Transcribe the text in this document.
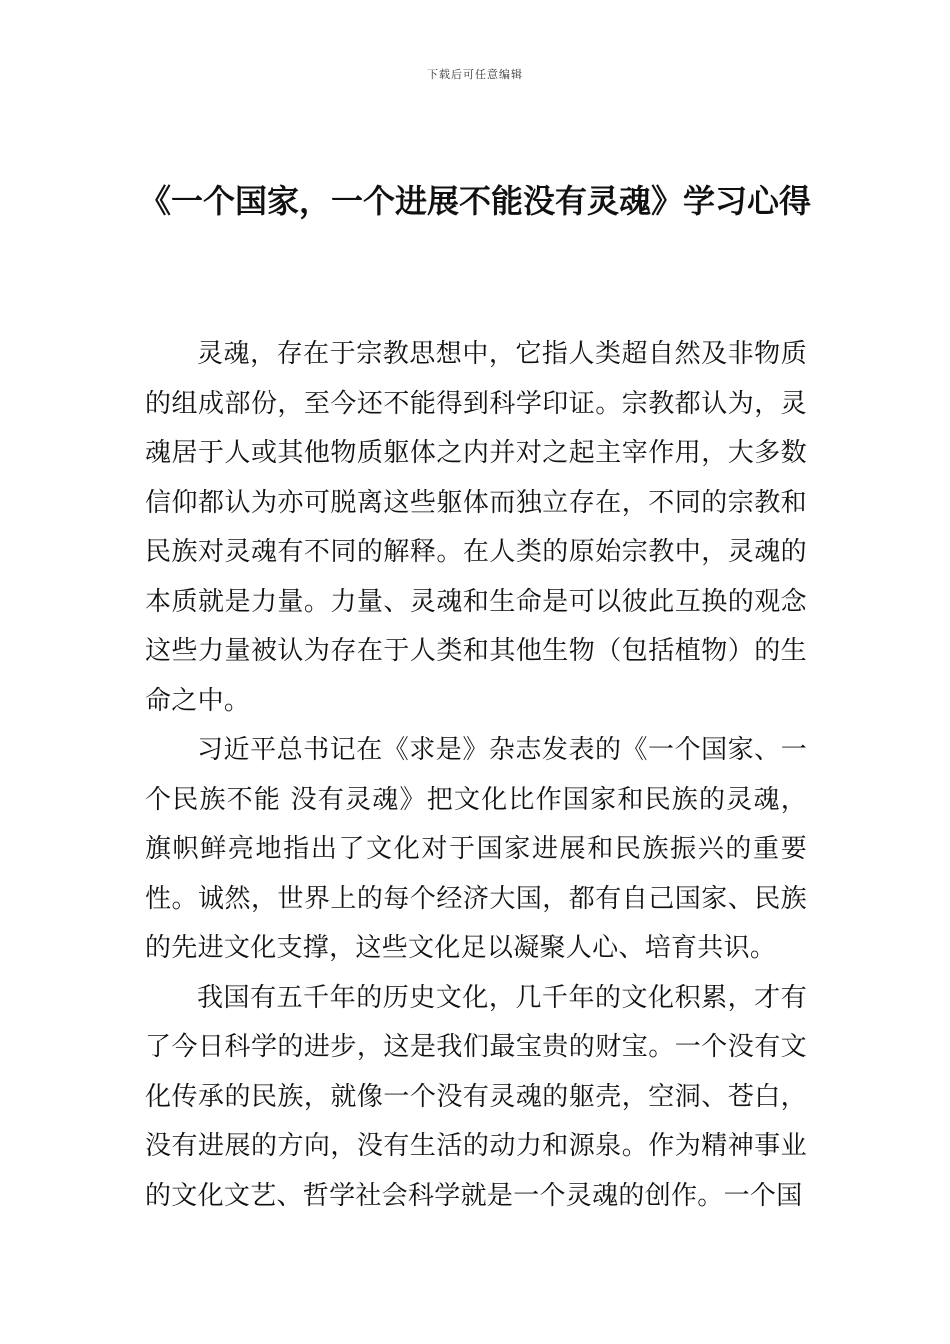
下载后可任意编辑
《一个国家，一个进展不能没有灵魂》学习心得

灵魂，存在于宗教思想中，它指人类超自然及非物质的组成部份，至今还不能得到科学印证。宗教都认为，灵魂居于人或其他物质躯体之内并对之起主宰作用，大多数信仰都认为亦可脱离这些躯体而独立存在，不同的宗教和民族对灵魂有不同的解释。在人类的原始宗教中，灵魂的本质就是力量。力量、灵魂和生命是可以彼此互换的观念这些力量被认为存在于人类和其他生物（包括植物）的生命之中。

习近平总书记在《求是》杂志发表的《一个国家、一个民族不能 没有灵魂》把文化比作国家和民族的灵魂，旗帜鲜亮地指出了文化对于国家进展和民族振兴的重要性。诚然，世界上的每个经济大国，都有自己国家、民族的先进文化支撑，这些文化足以凝聚人心、培育共识。

我国有五千年的历史文化，几千年的文化积累，才有了今日科学的进步，这是我们最宝贵的财宝。一个没有文化传承的民族，就像一个没有灵魂的躯壳，空洞、苍白，没有进展的方向，没有生活的动力和源泉。作为精神事业的文化文艺、哲学社会科学就是一个灵魂的创作。一个国
